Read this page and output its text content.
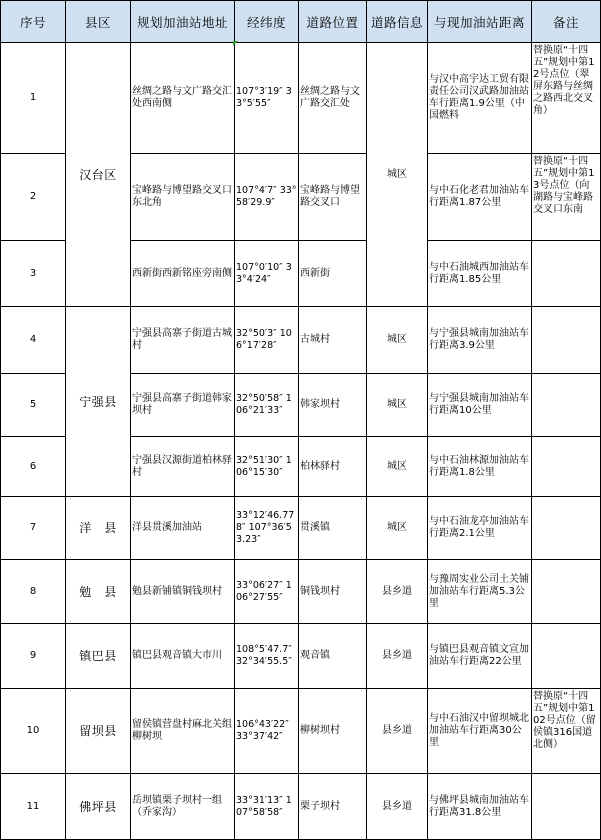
序号	县区	规划加油站地址	经纬度	道路位置	道路信息	与现加油站距离	备注
1	汉台区	丝绸之路与文广路交汇处西南侧	107°3′19″ 33°5′55″	丝绸之路与文广路交汇处	城区	与汉中高宇达工贸有限责任公司汉武路加油站车行距离1.9公里（中国燃料	替换原“十四五”规划中第12号点位（翠屏东路与丝绸之路西北交叉角）
2		宝峰路与博望路交叉口东北角	107°4′7″ 33°58′29.9″	宝峰路与博望路交叉口		与中石化老君加油站车行距离1.87公里	替换原“十四五”规划中第13号点位（向湖路与宝峰路交叉口东南
3		西新街西新铭座旁南侧	107°0′10″ 33°4′24″	西新街		与中石油城西加油站车行距离1.85公里	
4	宁强县	宁强县高寨子街道古城村	32°50′3″ 106°17′28″	古城村	城区	与宁强县城南加油站车行距离3.9公里	
5		宁强县高寨子街道韩家坝村	32°50′58″ 106°21′33″	韩家坝村	城区	与宁强县城南加油站车行距离10公里	
6		宁强县汉源街道柏林驿村	32°51′30″ 106°15′30″	柏林驿村	城区	与中石油林源加油站车行距离1.8公里	
7	洋　县	洋县贯溪加油站	33°12′46.778″ 107°36′53.23″	贯溪镇	城区	与中石油龙亭加油站车行距离2.1公里	
8	勉　县	勉县新铺镇铜钱坝村	33°06′27″ 106°27′55″	铜钱坝村	县乡道	与豫周实业公司土关铺加油站车行距离5.3公里	
9	镇巴县	镇巴县观音镇大市川	108°5′47.7″ 32°34′55.5″	观音镇	县乡道	与镇巴县观音镇文宣加油站车行距离22公里	
10	留坝县	留侯镇营盘村麻北关组柳树坝	106°43′22″ 33°37′42″	柳树坝村	县乡道	与中石油汉中留坝城北加油站车行距离30公里	替换原“十四五”规划中第102号点位（留侯镇316国道北侧）
11	佛坪县	岳坝镇栗子坝村一组（乔家沟）	33°31′13″ 107°58′58″	栗子坝村	县乡道	与佛坪县城南加油站车行距离31.8公里	
